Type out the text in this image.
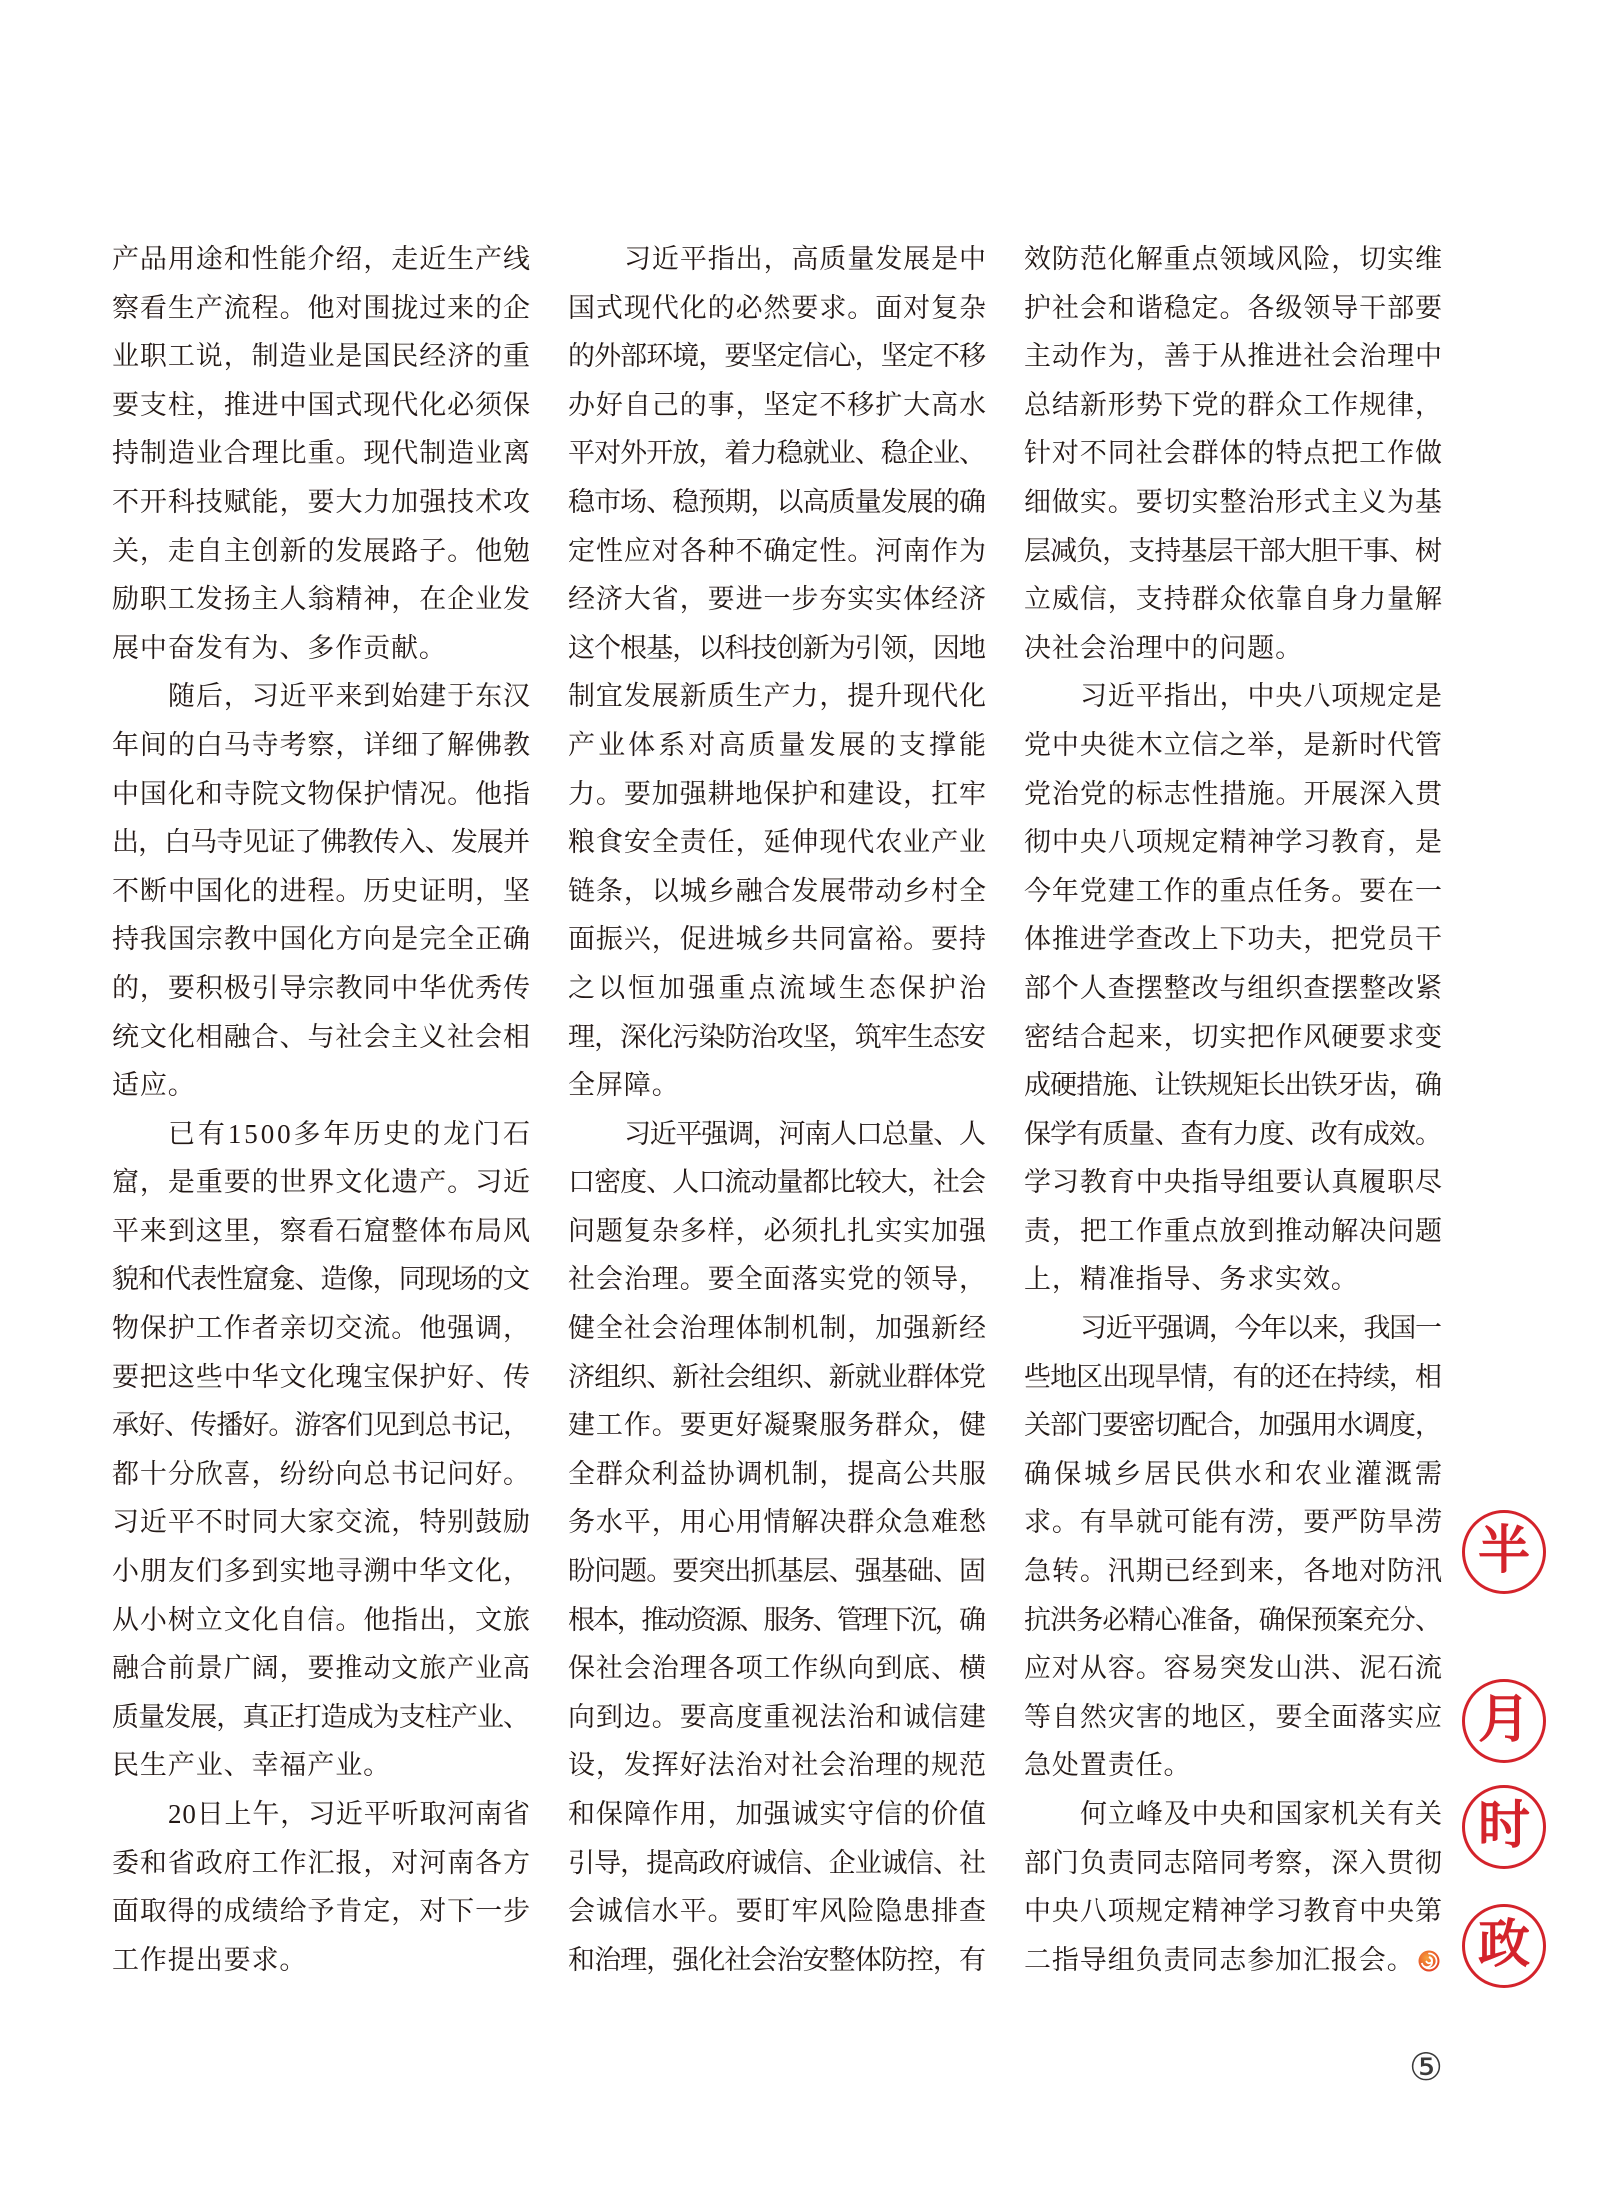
产品用途和性能介绍，走近生产线
察看生产流程。他对围拢过来的企
业职工说，制造业是国民经济的重
要支柱，推进中国式现代化必须保
持制造业合理比重。现代制造业离
不开科技赋能，要大力加强技术攻
关，走自主创新的发展路子。他勉
励职工发扬主人翁精神，在企业发
展中奋发有为、多作贡献。
随后，习近平来到始建于东汉
年间的白马寺考察，详细了解佛教
中国化和寺院文物保护情况。他指
出，白马寺见证了佛教传入、发展并
不断中国化的进程。历史证明，坚
持我国宗教中国化方向是完全正确
的，要积极引导宗教同中华优秀传
统文化相融合、与社会主义社会相
适应。
已有1500多年历史的龙门石
窟，是重要的世界文化遗产。习近
平来到这里，察看石窟整体布局风
貌和代表性窟龛、造像，同现场的文
物保护工作者亲切交流。他强调，
要把这些中华文化瑰宝保护好、传
承好、传播好。游客们见到总书记，
都十分欣喜，纷纷向总书记问好。
习近平不时同大家交流，特别鼓励
小朋友们多到实地寻溯中华文化，
从小树立文化自信。他指出，文旅
融合前景广阔，要推动文旅产业高
质量发展，真正打造成为支柱产业、
民生产业、幸福产业。
20日上午，习近平听取河南省
委和省政府工作汇报，对河南各方
面取得的成绩给予肯定，对下一步
工作提出要求。
习近平指出，高质量发展是中
国式现代化的必然要求。面对复杂
的外部环境，要坚定信心，坚定不移
办好自己的事，坚定不移扩大高水
平对外开放，着力稳就业、稳企业、
稳市场、稳预期，以高质量发展的确
定性应对各种不确定性。河南作为
经济大省，要进一步夯实实体经济
这个根基，以科技创新为引领，因地
制宜发展新质生产力，提升现代化
产业体系对高质量发展的支撑能
力。要加强耕地保护和建设，扛牢
粮食安全责任，延伸现代农业产业
链条，以城乡融合发展带动乡村全
面振兴，促进城乡共同富裕。要持
之以恒加强重点流域生态保护治
理，深化污染防治攻坚，筑牢生态安
全屏障。
习近平强调，河南人口总量、人
口密度、人口流动量都比较大，社会
问题复杂多样，必须扎扎实实加强
社会治理。要全面落实党的领导，
健全社会治理体制机制，加强新经
济组织、新社会组织、新就业群体党
建工作。要更好凝聚服务群众，健
全群众利益协调机制，提高公共服
务水平，用心用情解决群众急难愁
盼问题。要突出抓基层、强基础、固
根本，推动资源、服务、管理下沉，确
保社会治理各项工作纵向到底、横
向到边。要高度重视法治和诚信建
设，发挥好法治对社会治理的规范
和保障作用，加强诚实守信的价值
引导，提高政府诚信、企业诚信、社
会诚信水平。要盯牢风险隐患排查
和治理，强化社会治安整体防控，有
效防范化解重点领域风险，切实维
护社会和谐稳定。各级领导干部要
主动作为，善于从推进社会治理中
总结新形势下党的群众工作规律，
针对不同社会群体的特点把工作做
细做实。要切实整治形式主义为基
层减负，支持基层干部大胆干事、树
立威信，支持群众依靠自身力量解
决社会治理中的问题。
习近平指出，中央八项规定是
党中央徙木立信之举，是新时代管
党治党的标志性措施。开展深入贯
彻中央八项规定精神学习教育，是
今年党建工作的重点任务。要在一
体推进学查改上下功夫，把党员干
部个人查摆整改与组织查摆整改紧
密结合起来，切实把作风硬要求变
成硬措施、让铁规矩长出铁牙齿，确
保学有质量、查有力度、改有成效。
学习教育中央指导组要认真履职尽
责，把工作重点放到推动解决问题
上，精准指导、务求实效。
习近平强调，今年以来，我国一
些地区出现旱情，有的还在持续，相
关部门要密切配合，加强用水调度，
确保城乡居民供水和农业灌溉需
求。有旱就可能有涝，要严防旱涝
急转。汛期已经到来，各地对防汛
抗洪务必精心准备，确保预案充分、
应对从容。容易突发山洪、泥石流
等自然灾害的地区，要全面落实应
急处置责任。
何立峰及中央和国家机关有关
部门负责同志陪同考察，深入贯彻
中央八项规定精神学习教育中央第
二指导组负责同志参加汇报会。
半
月
时
政
⑤
